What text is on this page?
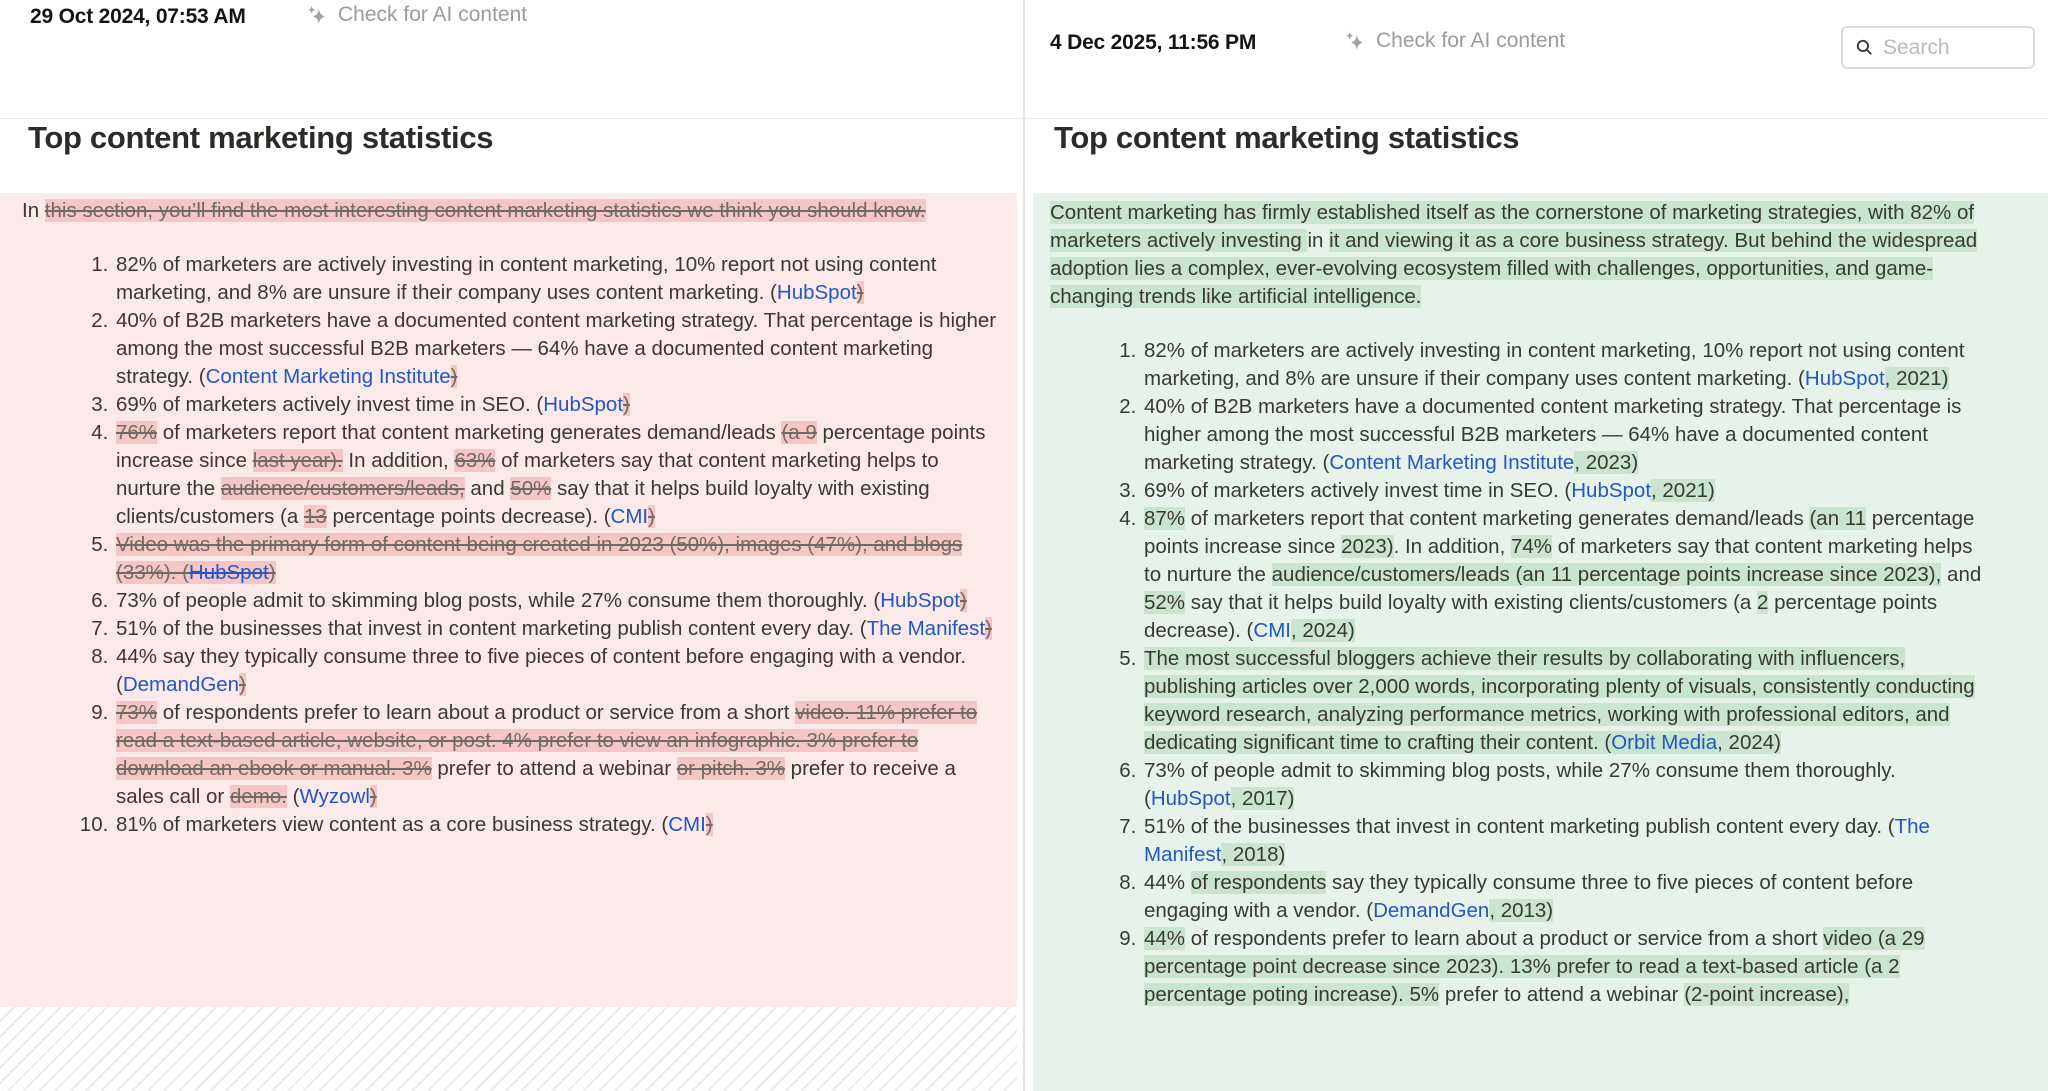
29 Oct 2024, 07:53 AM	Check for AI content
Top content marketing statistics

In this section, you’ll find the most interesting content marketing statistics we think you should know.

1. 82% of marketers are actively investing in content marketing, 10% report not using content marketing, and 8% are unsure if their company uses content marketing. (HubSpot)
2. 40% of B2B marketers have a documented content marketing strategy. That percentage is higher among the most successful B2B marketers — 64% have a documented content marketing strategy. (Content Marketing Institute)
3. 69% of marketers actively invest time in SEO. (HubSpot)
4. 76% of marketers report that content marketing generates demand/leads (a 9 percentage points increase since last year). In addition, 63% of marketers say that content marketing helps to nurture the audience/customers/leads, and 50% say that it helps build loyalty with existing clients/customers (a 13 percentage points decrease). (CMI)
5. Video was the primary form of content being created in 2023 (50%), images (47%), and blogs (33%). (HubSpot)
6. 73% of people admit to skimming blog posts, while 27% consume them thoroughly. (HubSpot)
7. 51% of the businesses that invest in content marketing publish content every day. (The Manifest)
8. 44% say they typically consume three to five pieces of content before engaging with a vendor. (DemandGen)
9. 73% of respondents prefer to learn about a product or service from a short video. 11% prefer to read a text-based article, website, or post. 4% prefer to view an infographic. 3% prefer to download an ebook or manual. 3% prefer to attend a webinar or pitch. 3% prefer to receive a sales call or demo. (Wyzowl)
10. 81% of marketers view content as a core business strategy. (CMI)
4 Dec 2025, 11:56 PM	Check for AI content
Search
Top content marketing statistics

Content marketing has firmly established itself as the cornerstone of marketing strategies, with 82% of marketers actively investing in it and viewing it as a core business strategy. But behind the widespread adoption lies a complex, ever-evolving ecosystem filled with challenges, opportunities, and game-changing trends like artificial intelligence.

1. 82% of marketers are actively investing in content marketing, 10% report not using content marketing, and 8% are unsure if their company uses content marketing. (HubSpot, 2021)
2. 40% of B2B marketers have a documented content marketing strategy. That percentage is higher among the most successful B2B marketers — 64% have a documented content marketing strategy. (Content Marketing Institute, 2023)
3. 69% of marketers actively invest time in SEO. (HubSpot, 2021)
4. 87% of marketers report that content marketing generates demand/leads (an 11 percentage points increase since 2023). In addition, 74% of marketers say that content marketing helps to nurture the audience/customers/leads (an 11 percentage points increase since 2023), and 52% say that it helps build loyalty with existing clients/customers (a 2 percentage points decrease). (CMI, 2024)
5. The most successful bloggers achieve their results by collaborating with influencers, publishing articles over 2,000 words, incorporating plenty of visuals, consistently conducting keyword research, analyzing performance metrics, working with professional editors, and dedicating significant time to crafting their content. (Orbit Media, 2024)
6. 73% of people admit to skimming blog posts, while 27% consume them thoroughly. (HubSpot, 2017)
7. 51% of the businesses that invest in content marketing publish content every day. (The Manifest, 2018)
8. 44% of respondents say they typically consume three to five pieces of content before engaging with a vendor. (DemandGen, 2013)
9. 44% of respondents prefer to learn about a product or service from a short video (a 29 percentage point decrease since 2023). 13% prefer to read a text-based article (a 2 percentage poting increase). 5% prefer to attend a webinar (2-point increase),
